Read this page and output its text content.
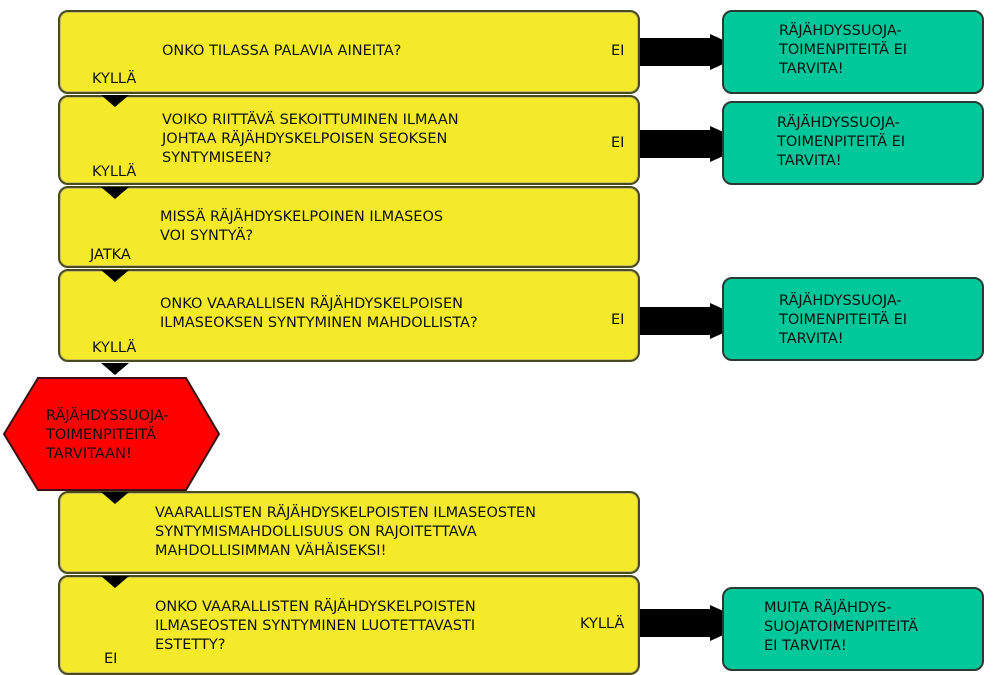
ONKO TILASSA PALAVIA AINEITA?	EI
KYLLÄ
VOIKO RIITTÄVÄ SEKOITTUMINEN ILMAAN
JOHTAA RÄJÄHDYSKELPOISEN SEOKSEN
SYNTYMISEEN?
EI
KYLLÄ
MISSÄ RÄJÄHDYSKELPOINEN ILMASEOS
VOI SYNTYÄ?
JATKA
ONKO VAARALLISEN RÄJÄHDYSKELPOISEN
ILMASEOKSEN SYNTYMINEN MAHDOLLISTA?	EI
KYLLÄ
RÄJÄHDYSSUOJA-
TOIMENPITEITÄ
TARVITAAN!
VAARALLISTEN RÄJÄHDYSKELPOISTEN ILMASEOSTEN
SYNTYMISMAHDOLLISUUS ON RAJOITETTAVA
MAHDOLLISIMMAN VÄHÄISEKSI!
ONKO VAARALLISTEN RÄJÄHDYSKELPOISTEN
ILMASEOSTEN SYNTYMINEN LUOTETTAVASTI
ESTETTY?
KYLLÄ
EI
RÄJÄHDYSSUOJA-
TOIMENPITEITÄ EI
TARVITA!
RÄJÄHDYSSUOJA-
TOIMENPITEITÄ EI
TARVITA!
RÄJÄHDYSSUOJA-
TOIMENPITEITÄ EI
TARVITA!
MUITA RÄJÄHDYS-
SUOJATOIMENPITEITÄ
EI TARVITA!
